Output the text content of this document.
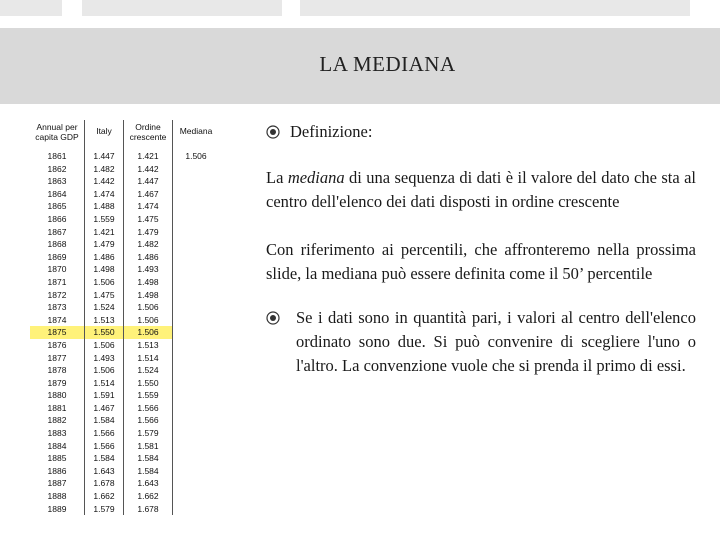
LA MEDIANA
Annual per capita GDP	Italy	Ordine crescente	Mediana
1861	1.447	1.421	1.506
1862	1.482	1.442	
1863	1.442	1.447	
1864	1.474	1.467	
1865	1.488	1.474	
1866	1.559	1.475	
1867	1.421	1.479	
1868	1.479	1.482	
1869	1.486	1.486	
1870	1.498	1.493	
1871	1.506	1.498	
1872	1.475	1.498	
1873	1.524	1.506	
1874	1.513	1.506	
1875	1.550	1.506	
1876	1.506	1.513	
1877	1.493	1.514	
1878	1.506	1.524	
1879	1.514	1.550	
1880	1.591	1.559	
1881	1.467	1.566	
1882	1.584	1.566	
1883	1.566	1.579	
1884	1.566	1.581	
1885	1.584	1.584	
1886	1.643	1.584	
1887	1.678	1.643	
1888	1.662	1.662	
1889	1.579	1.678	
Definizione:
La mediana di una sequenza di dati è il valore del dato che sta al centro dell'elenco dei dati disposti in ordine crescente
Con riferimento ai percentili, che affronteremo nella prossima slide, la mediana può essere definita come il 50’ percentile
Se i dati sono in quantità pari, i valori al centro dell'elenco ordinato sono due. Si può convenire di scegliere l'uno o l'altro. La convenzione vuole che si prenda il primo di essi.
